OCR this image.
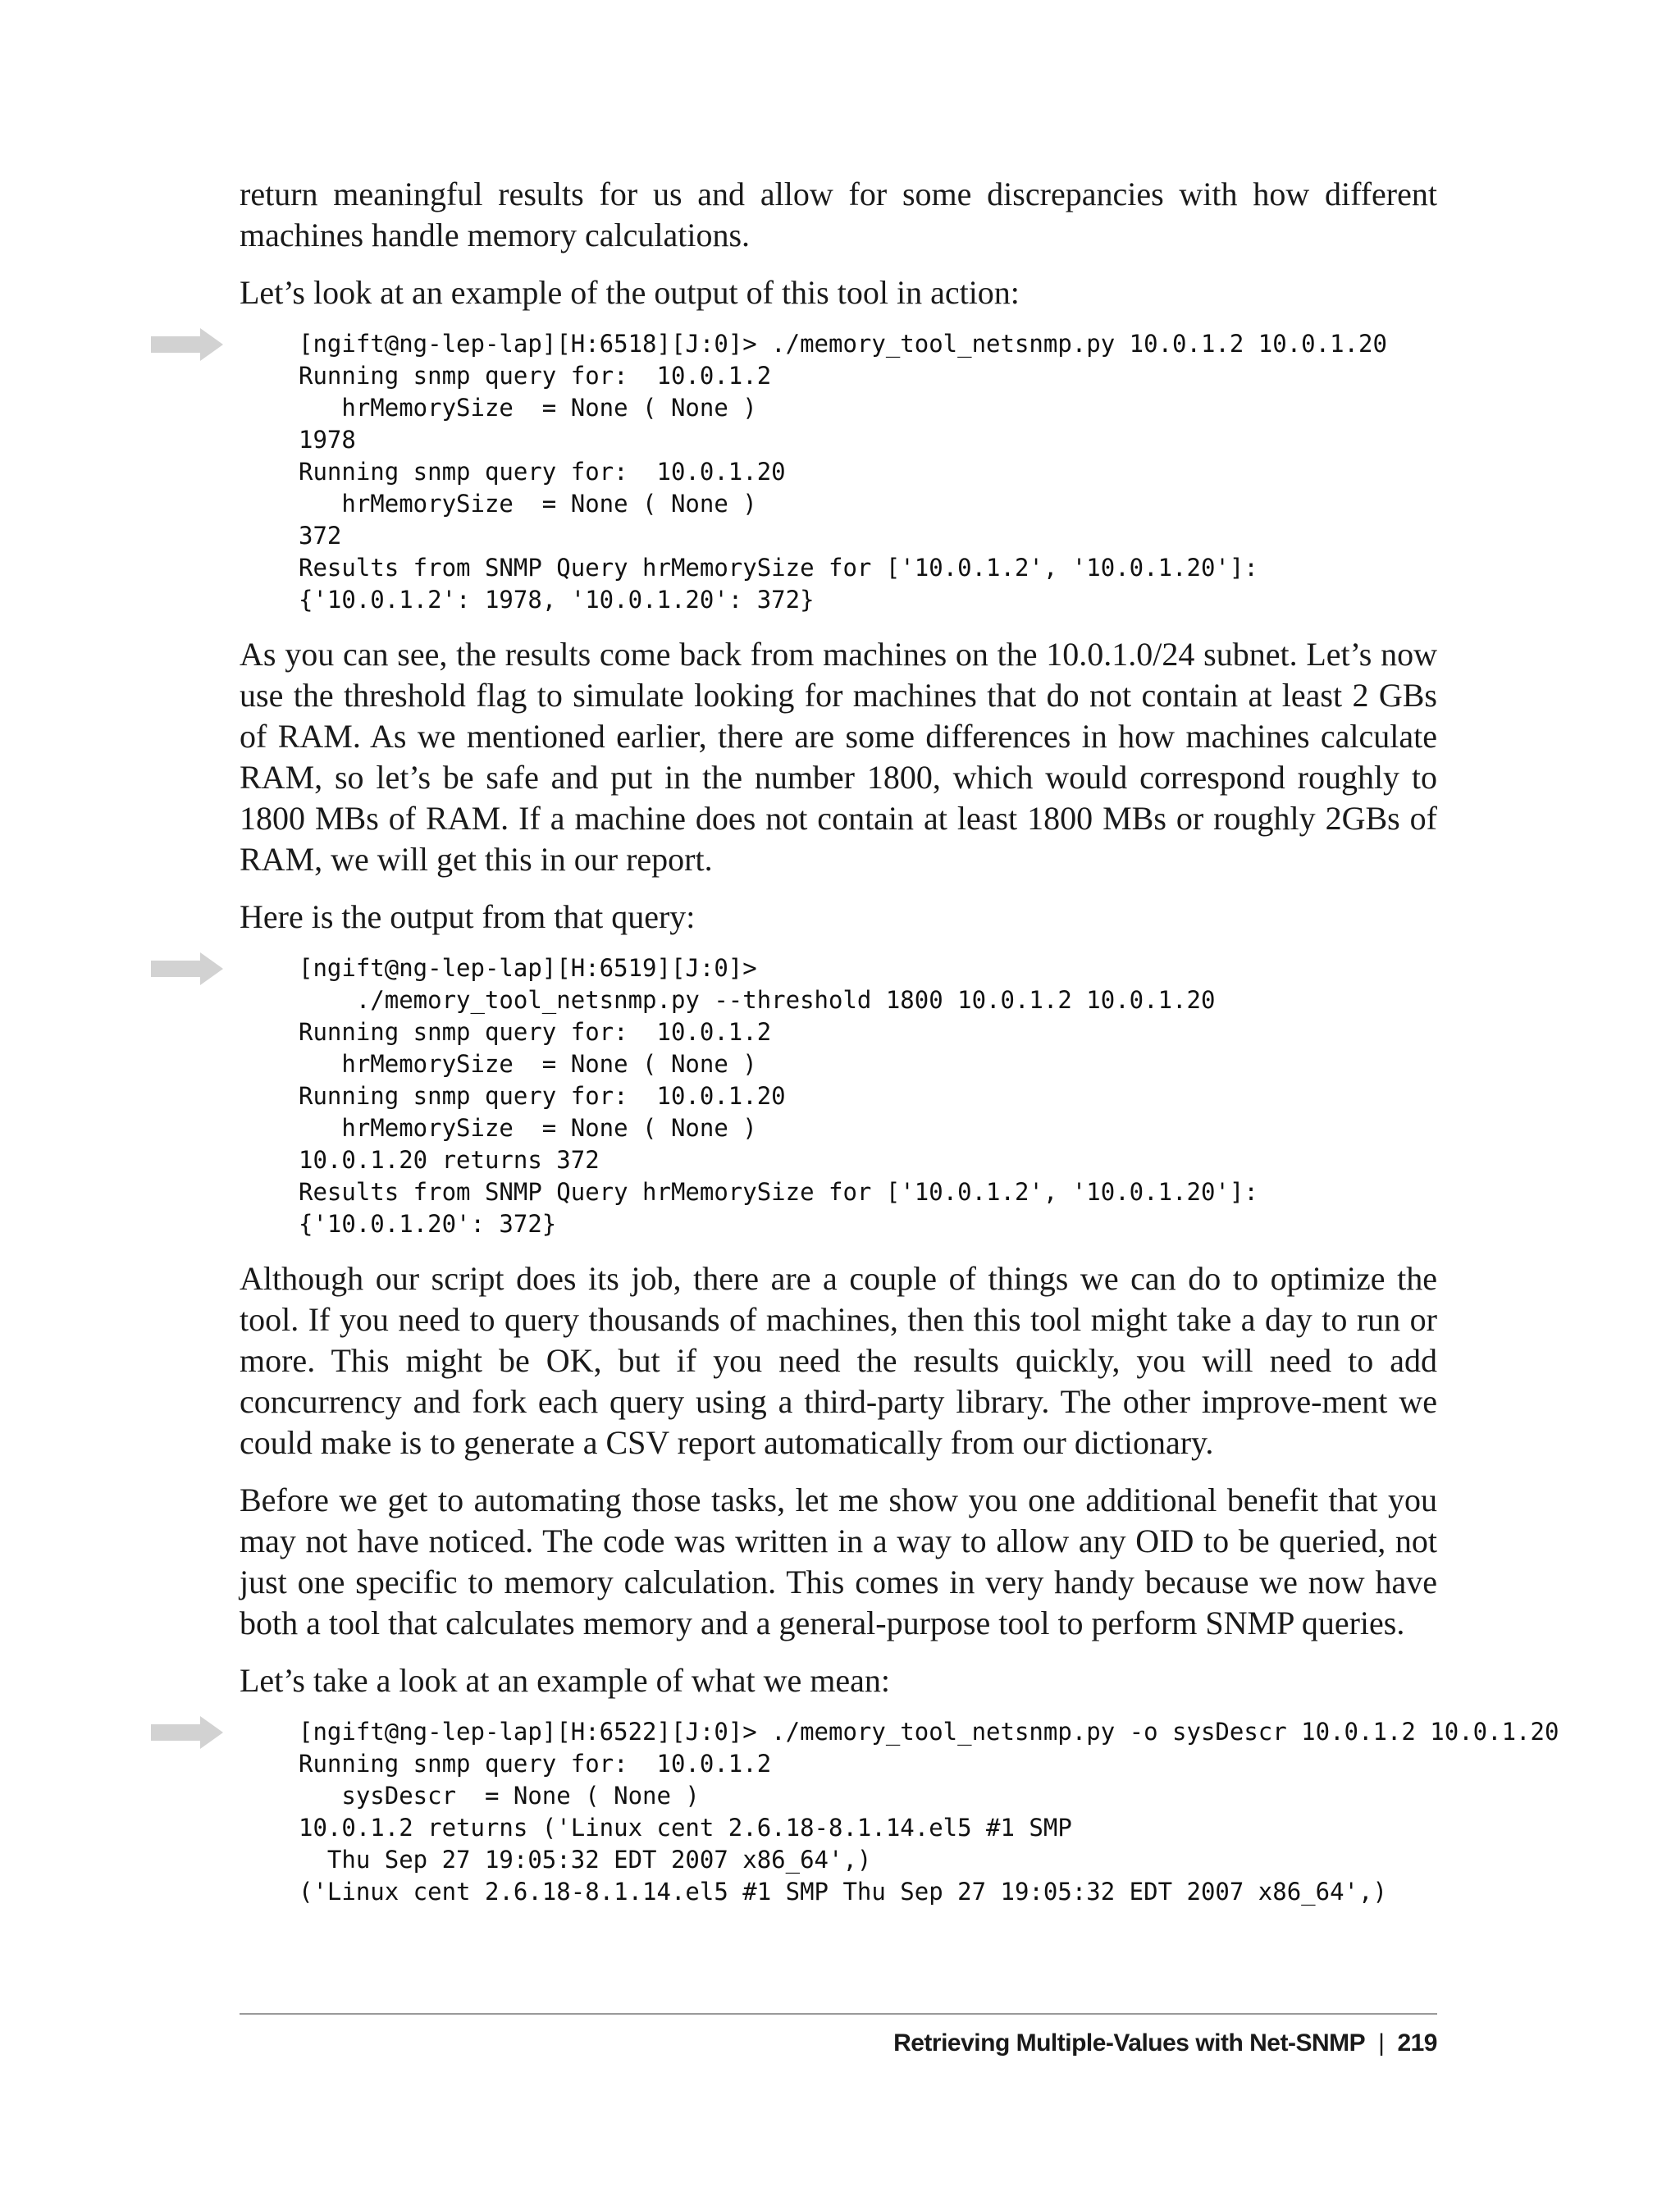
return meaningful results for us and allow for some discrepancies with how different machines handle memory calculations.

Let’s look at an example of the output of this tool in action:

[ngift@ng-lep-lap][H:6518][J:0]> ./memory_tool_netsnmp.py 10.0.1.2 10.0.1.20
Running snmp query for:  10.0.1.2
hrMemorySize  = None ( None )
1978
Running snmp query for:  10.0.1.20
hrMemorySize  = None ( None )
372
Results from SNMP Query hrMemorySize for ['10.0.1.2', '10.0.1.20']:
{'10.0.1.2': 1978, '10.0.1.20': 372}

As you can see, the results come back from machines on the 10.0.1.0/24 subnet. Let’s now use the threshold flag to simulate looking for machines that do not contain at least 2 GBs of RAM. As we mentioned earlier, there are some differences in how machines calculate RAM, so let’s be safe and put in the number 1800, which would correspond roughly to 1800 MBs of RAM. If a machine does not contain at least 1800 MBs or roughly 2GBs of RAM, we will get this in our report.

Here is the output from that query:

[ngift@ng-lep-lap][H:6519][J:0]>
./memory_tool_netsnmp.py --threshold 1800 10.0.1.2 10.0.1.20
Running snmp query for:  10.0.1.2
hrMemorySize  = None ( None )
Running snmp query for:  10.0.1.20
hrMemorySize  = None ( None )
10.0.1.20 returns 372
Results from SNMP Query hrMemorySize for ['10.0.1.2', '10.0.1.20']:
{'10.0.1.20': 372}

Although our script does its job, there are a couple of things we can do to optimize the tool. If you need to query thousands of machines, then this tool might take a day to run or more. This might be OK, but if you need the results quickly, you will need to add concurrency and fork each query using a third-party library. The other improve-ment we could make is to generate a CSV report automatically from our dictionary.

Before we get to automating those tasks, let me show you one additional benefit that you may not have noticed. The code was written in a way to allow any OID to be queried, not just one specific to memory calculation. This comes in very handy because we now have both a tool that calculates memory and a general-purpose tool to perform SNMP queries.

Let’s take a look at an example of what we mean:

[ngift@ng-lep-lap][H:6522][J:0]> ./memory_tool_netsnmp.py -o sysDescr 10.0.1.2 10.0.1.20
Running snmp query for:  10.0.1.2
sysDescr  = None ( None )
10.0.1.2 returns ('Linux cent 2.6.18-8.1.14.el5 #1 SMP
Thu Sep 27 19:05:32 EDT 2007 x86_64',)
('Linux cent 2.6.18-8.1.14.el5 #1 SMP Thu Sep 27 19:05:32 EDT 2007 x86_64',)
Retrieving Multiple-Values with Net-SNMP | 219
